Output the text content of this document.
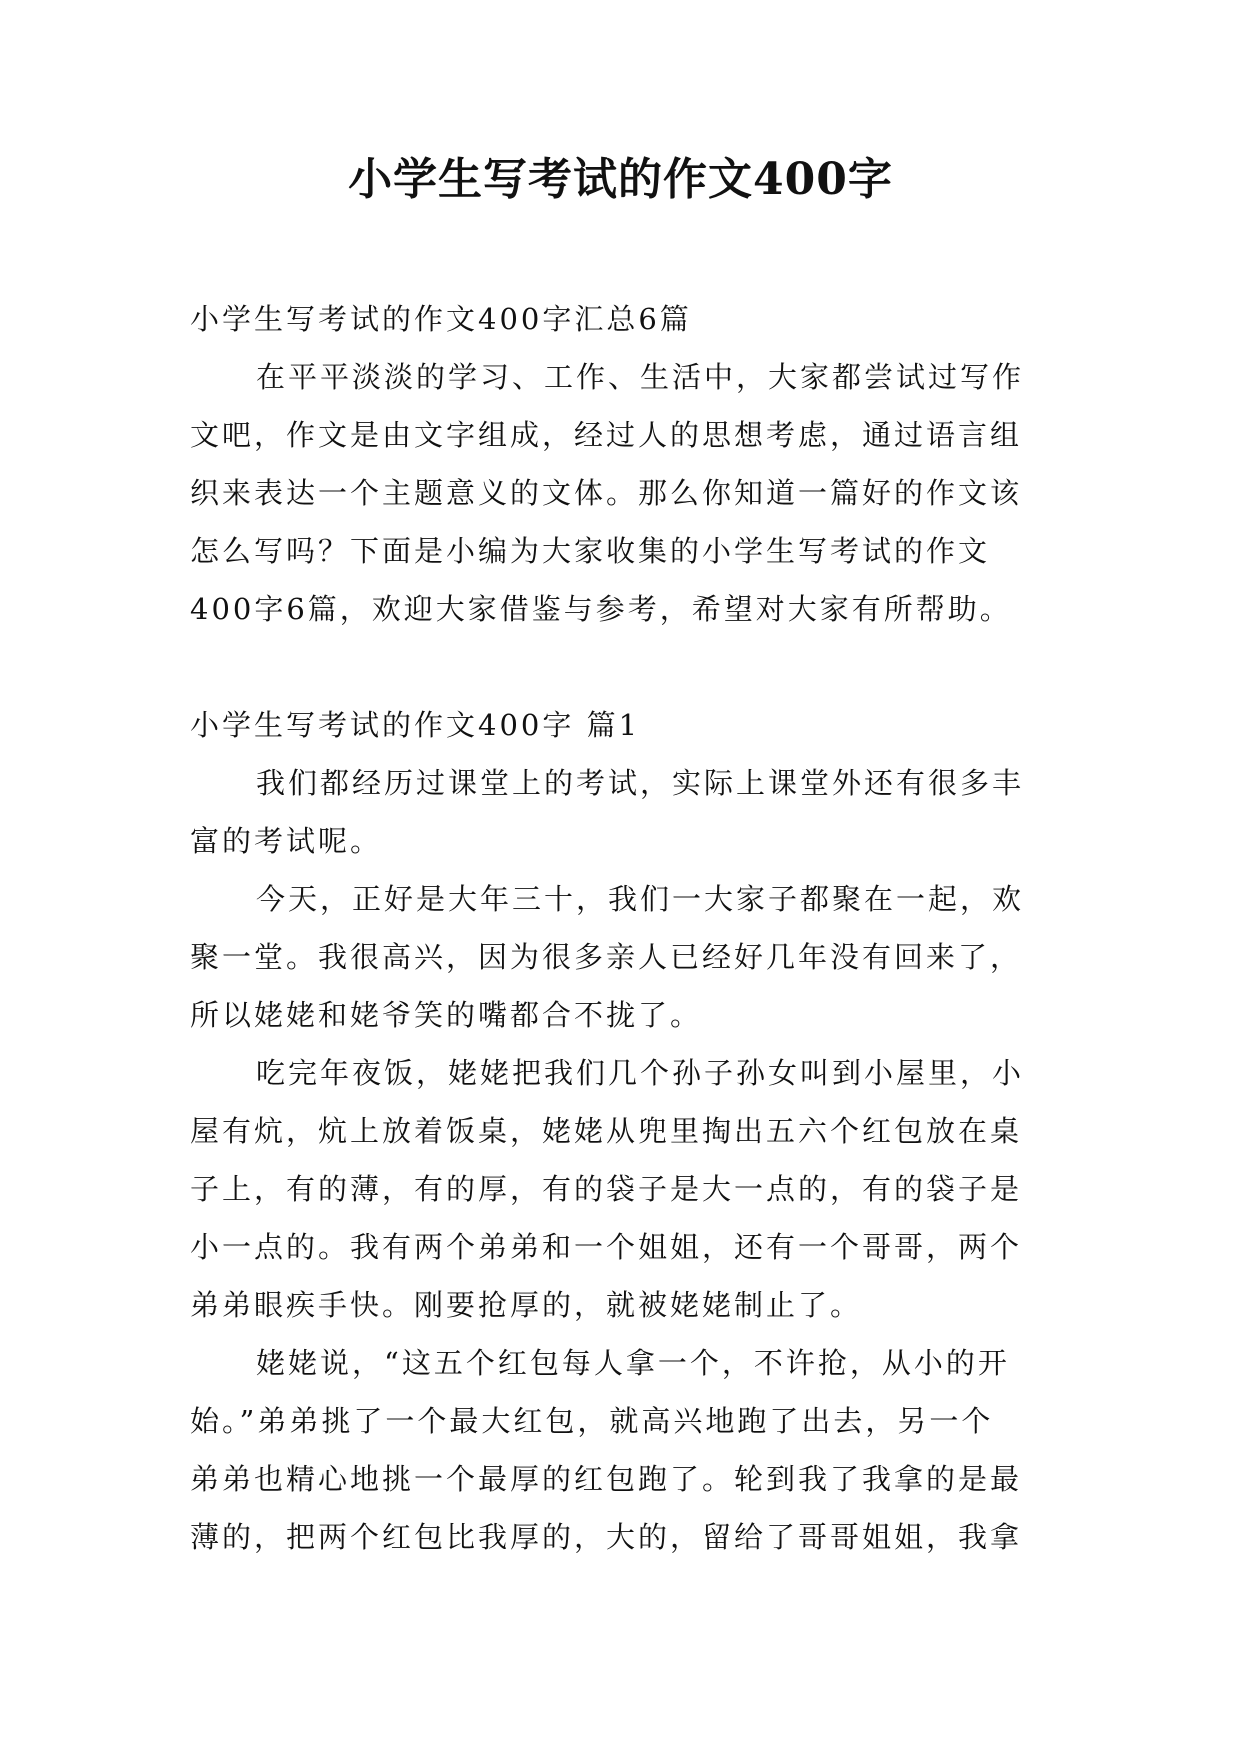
小学生写考试的作文400字
小学生写考试的作文400字汇总6篇
在平平淡淡的学习、工作、生活中，大家都尝试过写作
文吧，作文是由文字组成，经过人的思想考虑，通过语言组
织来表达一个主题意义的文体。那么你知道一篇好的作文该
怎么写吗？下面是小编为大家收集的小学生写考试的作文
400字6篇，欢迎大家借鉴与参考，希望对大家有所帮助。
小学生写考试的作文400字 篇1
我们都经历过课堂上的考试，实际上课堂外还有很多丰
富的考试呢。
今天，正好是大年三十，我们一大家子都聚在一起，欢
聚一堂。我很高兴，因为很多亲人已经好几年没有回来了，
所以姥姥和姥爷笑的嘴都合不拢了。
吃完年夜饭，姥姥把我们几个孙子孙女叫到小屋里，小
屋有炕，炕上放着饭桌，姥姥从兜里掏出五六个红包放在桌
子上，有的薄，有的厚，有的袋子是大一点的，有的袋子是
小一点的。我有两个弟弟和一个姐姐，还有一个哥哥，两个
弟弟眼疾手快。刚要抢厚的，就被姥姥制止了。
姥姥说，“这五个红包每人拿一个，不许抢，从小的开
始。”弟弟挑了一个最大红包，就高兴地跑了出去，另一个
弟弟也精心地挑一个最厚的红包跑了。轮到我了我拿的是最
薄的，把两个红包比我厚的，大的，留给了哥哥姐姐，我拿
